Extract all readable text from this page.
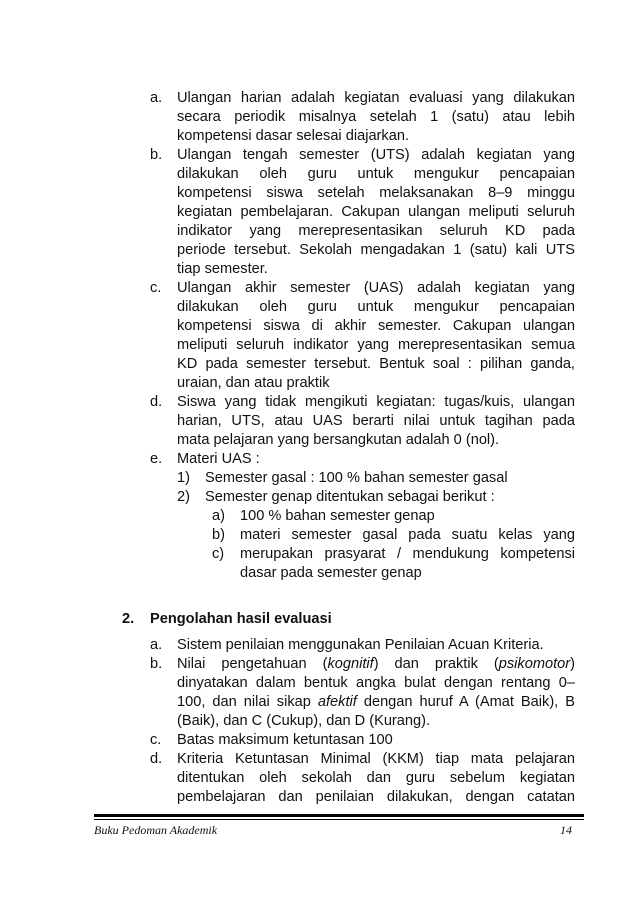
a. Ulangan harian adalah kegiatan evaluasi yang dilakukan
secara periodik misalnya setelah 1 (satu) atau lebih
kompetensi dasar selesai diajarkan.
b. Ulangan tengah semester (UTS) adalah kegiatan yang
dilakukan oleh guru untuk mengukur pencapaian
kompetensi siswa setelah melaksanakan 8–9 minggu
kegiatan pembelajaran. Cakupan ulangan meliputi seluruh
indikator yang merepresentasikan seluruh KD pada
periode tersebut. Sekolah mengadakan 1 (satu) kali UTS
tiap semester.
c. Ulangan akhir semester (UAS) adalah kegiatan yang
dilakukan oleh guru untuk mengukur pencapaian
kompetensi siswa di akhir semester. Cakupan ulangan
meliputi seluruh indikator yang merepresentasikan semua
KD pada semester tersebut. Bentuk soal : pilihan ganda,
uraian, dan atau praktik
d. Siswa yang tidak mengikuti kegiatan: tugas/kuis, ulangan
harian, UTS, atau UAS berarti nilai untuk tagihan pada
mata pelajaran yang bersangkutan adalah 0 (nol).
e. Materi UAS :
1) Semester gasal : 100 % bahan semester gasal
2) Semester genap ditentukan sebagai berikut :
a) 100 % bahan semester genap
b) materi semester gasal pada suatu kelas yang
merupakan prasyarat / mendukung kompetensi
dasar pada semester genap
c)
2. Pengolahan hasil evaluasi
a. Sistem penilaian menggunakan Penilaian Acuan Kriteria.
b. Nilai pengetahuan (kognitif) dan praktik (psikomotor)
dinyatakan dalam bentuk angka bulat dengan rentang 0–
100, dan nilai sikap afektif dengan huruf A (Amat Baik), B
(Baik), dan C (Cukup), dan D (Kurang).
c. Batas maksimum ketuntasan 100
d. Kriteria Ketuntasan Minimal (KKM) tiap mata pelajaran
ditentukan oleh sekolah dan guru sebelum kegiatan
pembelajaran dan penilaian dilakukan, dengan catatan
Buku Pedoman Akademik	14
